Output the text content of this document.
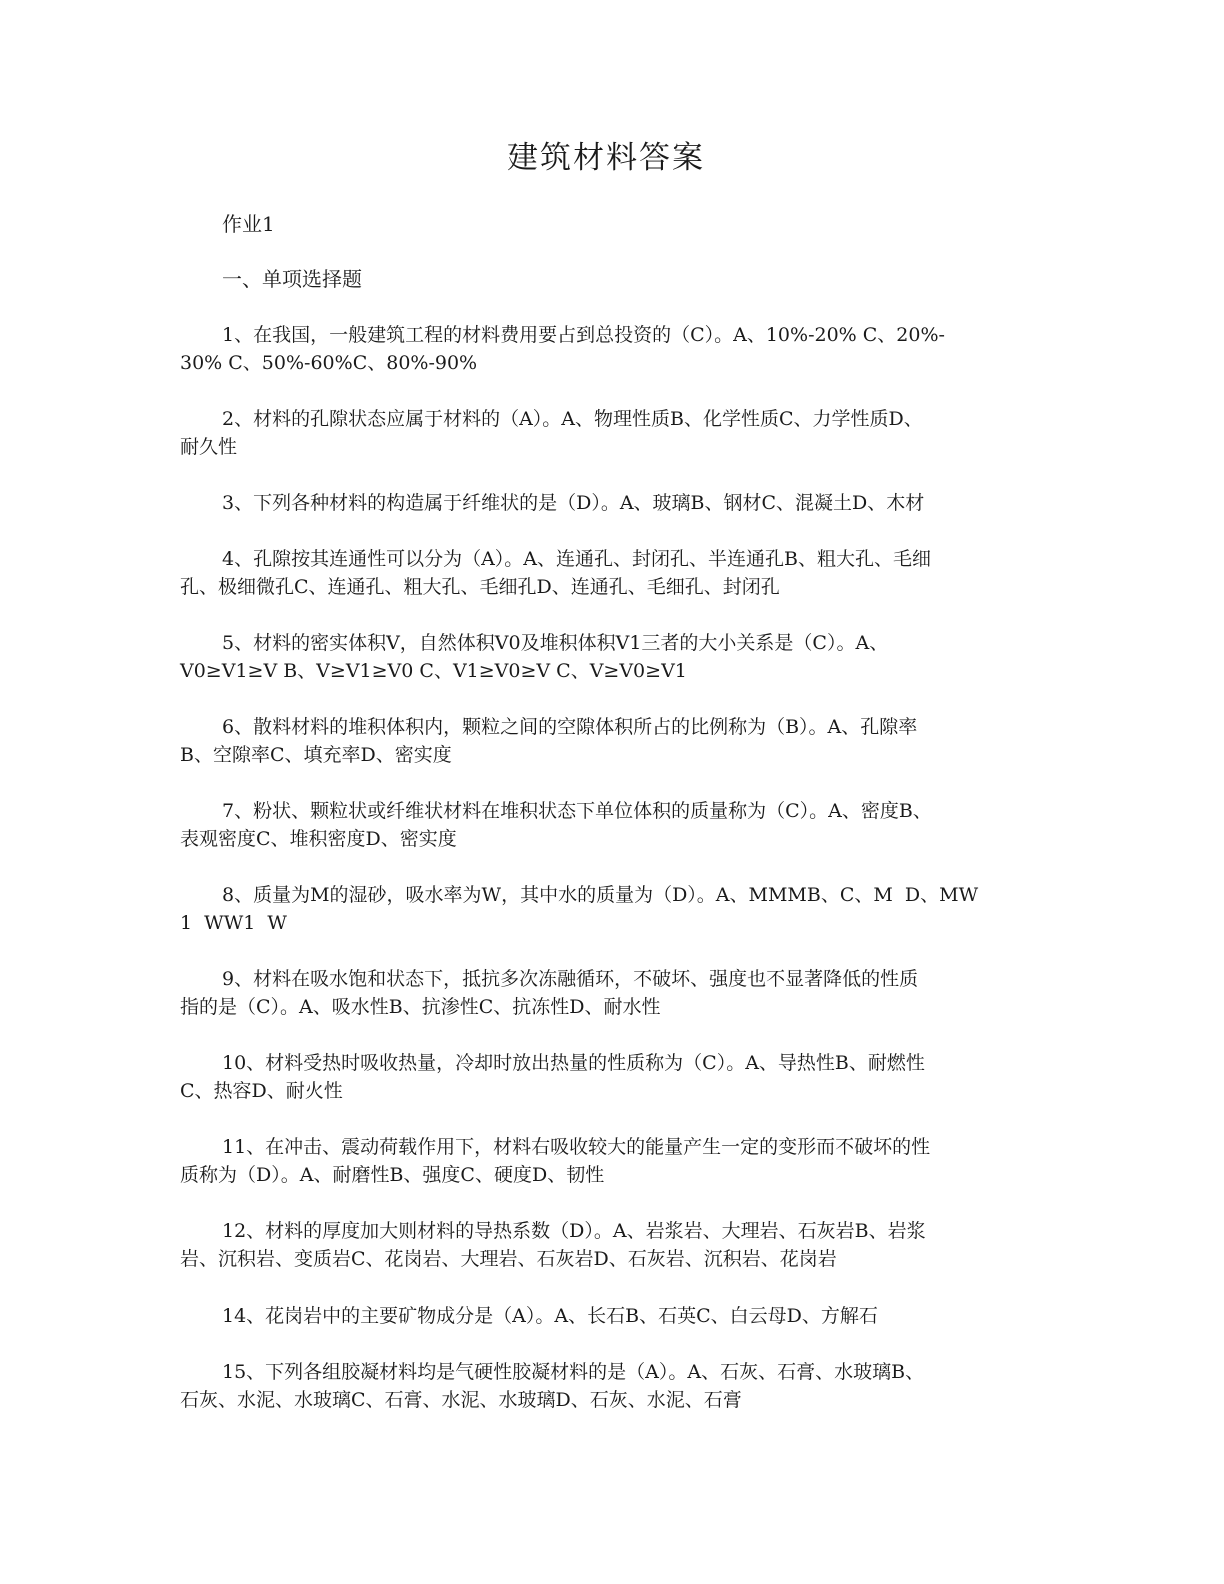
建筑材料答案
作业1
一、单项选择题

1、在我国，一般建筑工程的材料费用要占到总投资的（C）。A、10%-20% C、20%-
30% C、50%-60%C、80%-90%

2、材料的孔隙状态应属于材料的（A）。A、物理性质B、化学性质C、力学性质D、
耐久性

3、下列各种材料的构造属于纤维状的是（D）。A、玻璃B、钢材C、混凝土D、木材

4、孔隙按其连通性可以分为（A）。A、连通孔、封闭孔、半连通孔B、粗大孔、毛细
孔、极细微孔C、连通孔、粗大孔、毛细孔D、连通孔、毛细孔、封闭孔

5、材料的密实体积V，自然体积V0及堆积体积V1三者的大小关系是（C）。A、
V0≥V1≥V B、V≥V1≥V0 C、V1≥V0≥V C、V≥V0≥V1

6、散料材料的堆积体积内，颗粒之间的空隙体积所占的比例称为（B）。A、孔隙率
B、空隙率C、填充率D、密实度

7、粉状、颗粒状或纤维状材料在堆积状态下单位体积的质量称为（C）。A、密度B、
表观密度C、堆积密度D、密实度

8、质量为M的湿砂，吸水率为W，其中水的质量为（D）。A、MMMB、C、M  D、MW
1  WW1  W

9、材料在吸水饱和状态下，抵抗多次冻融循环，不破坏、强度也不显著降低的性质
指的是（C）。A、吸水性B、抗渗性C、抗冻性D、耐水性

10、材料受热时吸收热量，冷却时放出热量的性质称为（C）。A、导热性B、耐燃性
C、热容D、耐火性

11、在冲击、震动荷载作用下，材料右吸收较大的能量产生一定的变形而不破坏的性
质称为（D）。A、耐磨性B、强度C、硬度D、韧性

12、材料的厚度加大则材料的导热系数（D）。A、岩浆岩、大理岩、石灰岩B、岩浆
岩、沉积岩、变质岩C、花岗岩、大理岩、石灰岩D、石灰岩、沉积岩、花岗岩

14、花岗岩中的主要矿物成分是（A）。A、长石B、石英C、白云母D、方解石

15、下列各组胶凝材料均是气硬性胶凝材料的是（A）。A、石灰、石膏、水玻璃B、
石灰、水泥、水玻璃C、石膏、水泥、水玻璃D、石灰、水泥、石膏
